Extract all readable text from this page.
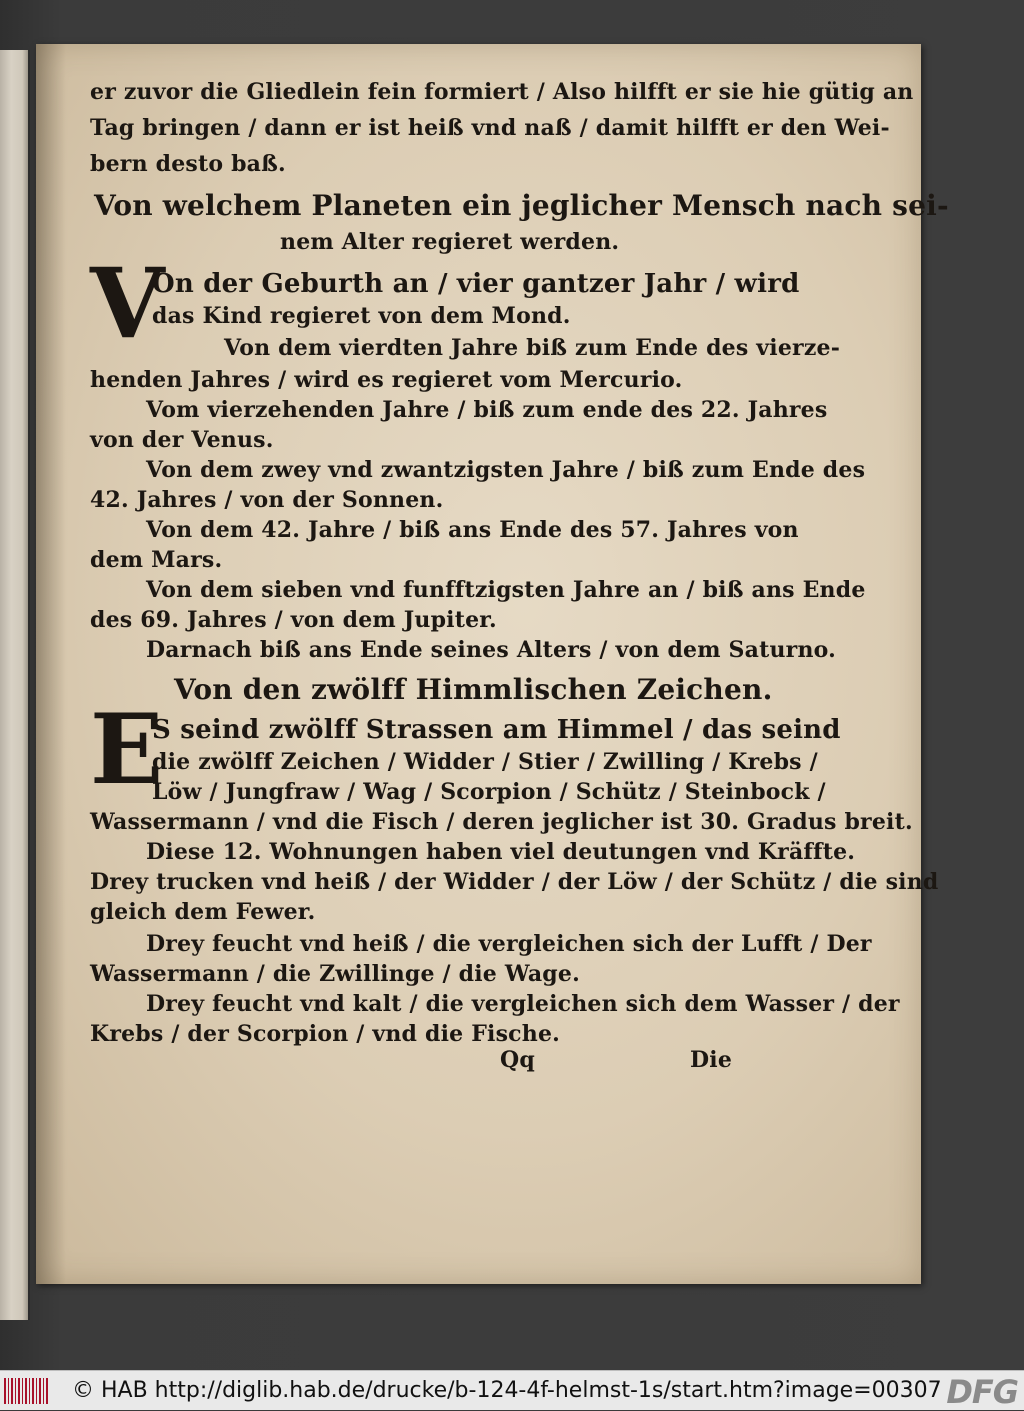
er zuvor die Gliedlein fein formiert / Also hilfft er sie hie gütig an
Tag bringen / dann er ist heiß vnd naß / damit hilfft er den Wei-
bern desto baß.
Von welchem Planeten ein jeglicher Mensch nach sei-
nem Alter regieret werden.
V
On der Geburth an / vier gantzer Jahr / wird
das Kind regieret von dem Mond.
Von dem vierdten Jahre biß zum Ende des vierze-
henden Jahres / wird es regieret vom Mercurio.
Vom vierzehenden Jahre / biß zum ende des 22. Jahres
von der Venus.
Von dem zwey vnd zwantzigsten Jahre / biß zum Ende des
42. Jahres / von der Sonnen.
Von dem 42. Jahre / biß ans Ende des 57. Jahres von
dem Mars.
Von dem sieben vnd funfftzigsten Jahre an / biß ans Ende
des 69. Jahres / von dem Jupiter.
Darnach biß ans Ende seines Alters / von dem Saturno.
Von den zwölff Himmlischen Zeichen.
E
S seind zwölff Strassen am Himmel / das seind
die zwölff Zeichen / Widder / Stier / Zwilling / Krebs /
Löw / Jungfraw / Wag / Scorpion / Schütz / Steinbock /
Wassermann / vnd die Fisch / deren jeglicher ist 30. Gradus breit.
Diese 12. Wohnungen haben viel deutungen vnd Kräffte.
Drey trucken vnd heiß / der Widder / der Löw / der Schütz / die sind
gleich dem Fewer.
Drey feucht vnd heiß / die vergleichen sich der Lufft / Der
Wassermann / die Zwillinge / die Wage.
Drey feucht vnd kalt / die vergleichen sich dem Wasser / der
Krebs / der Scorpion / vnd die Fische.
Qq	Die
© HAB http://diglib.hab.de/drucke/b-124-4f-helmst-1s/start.htm?image=00307 DFG
